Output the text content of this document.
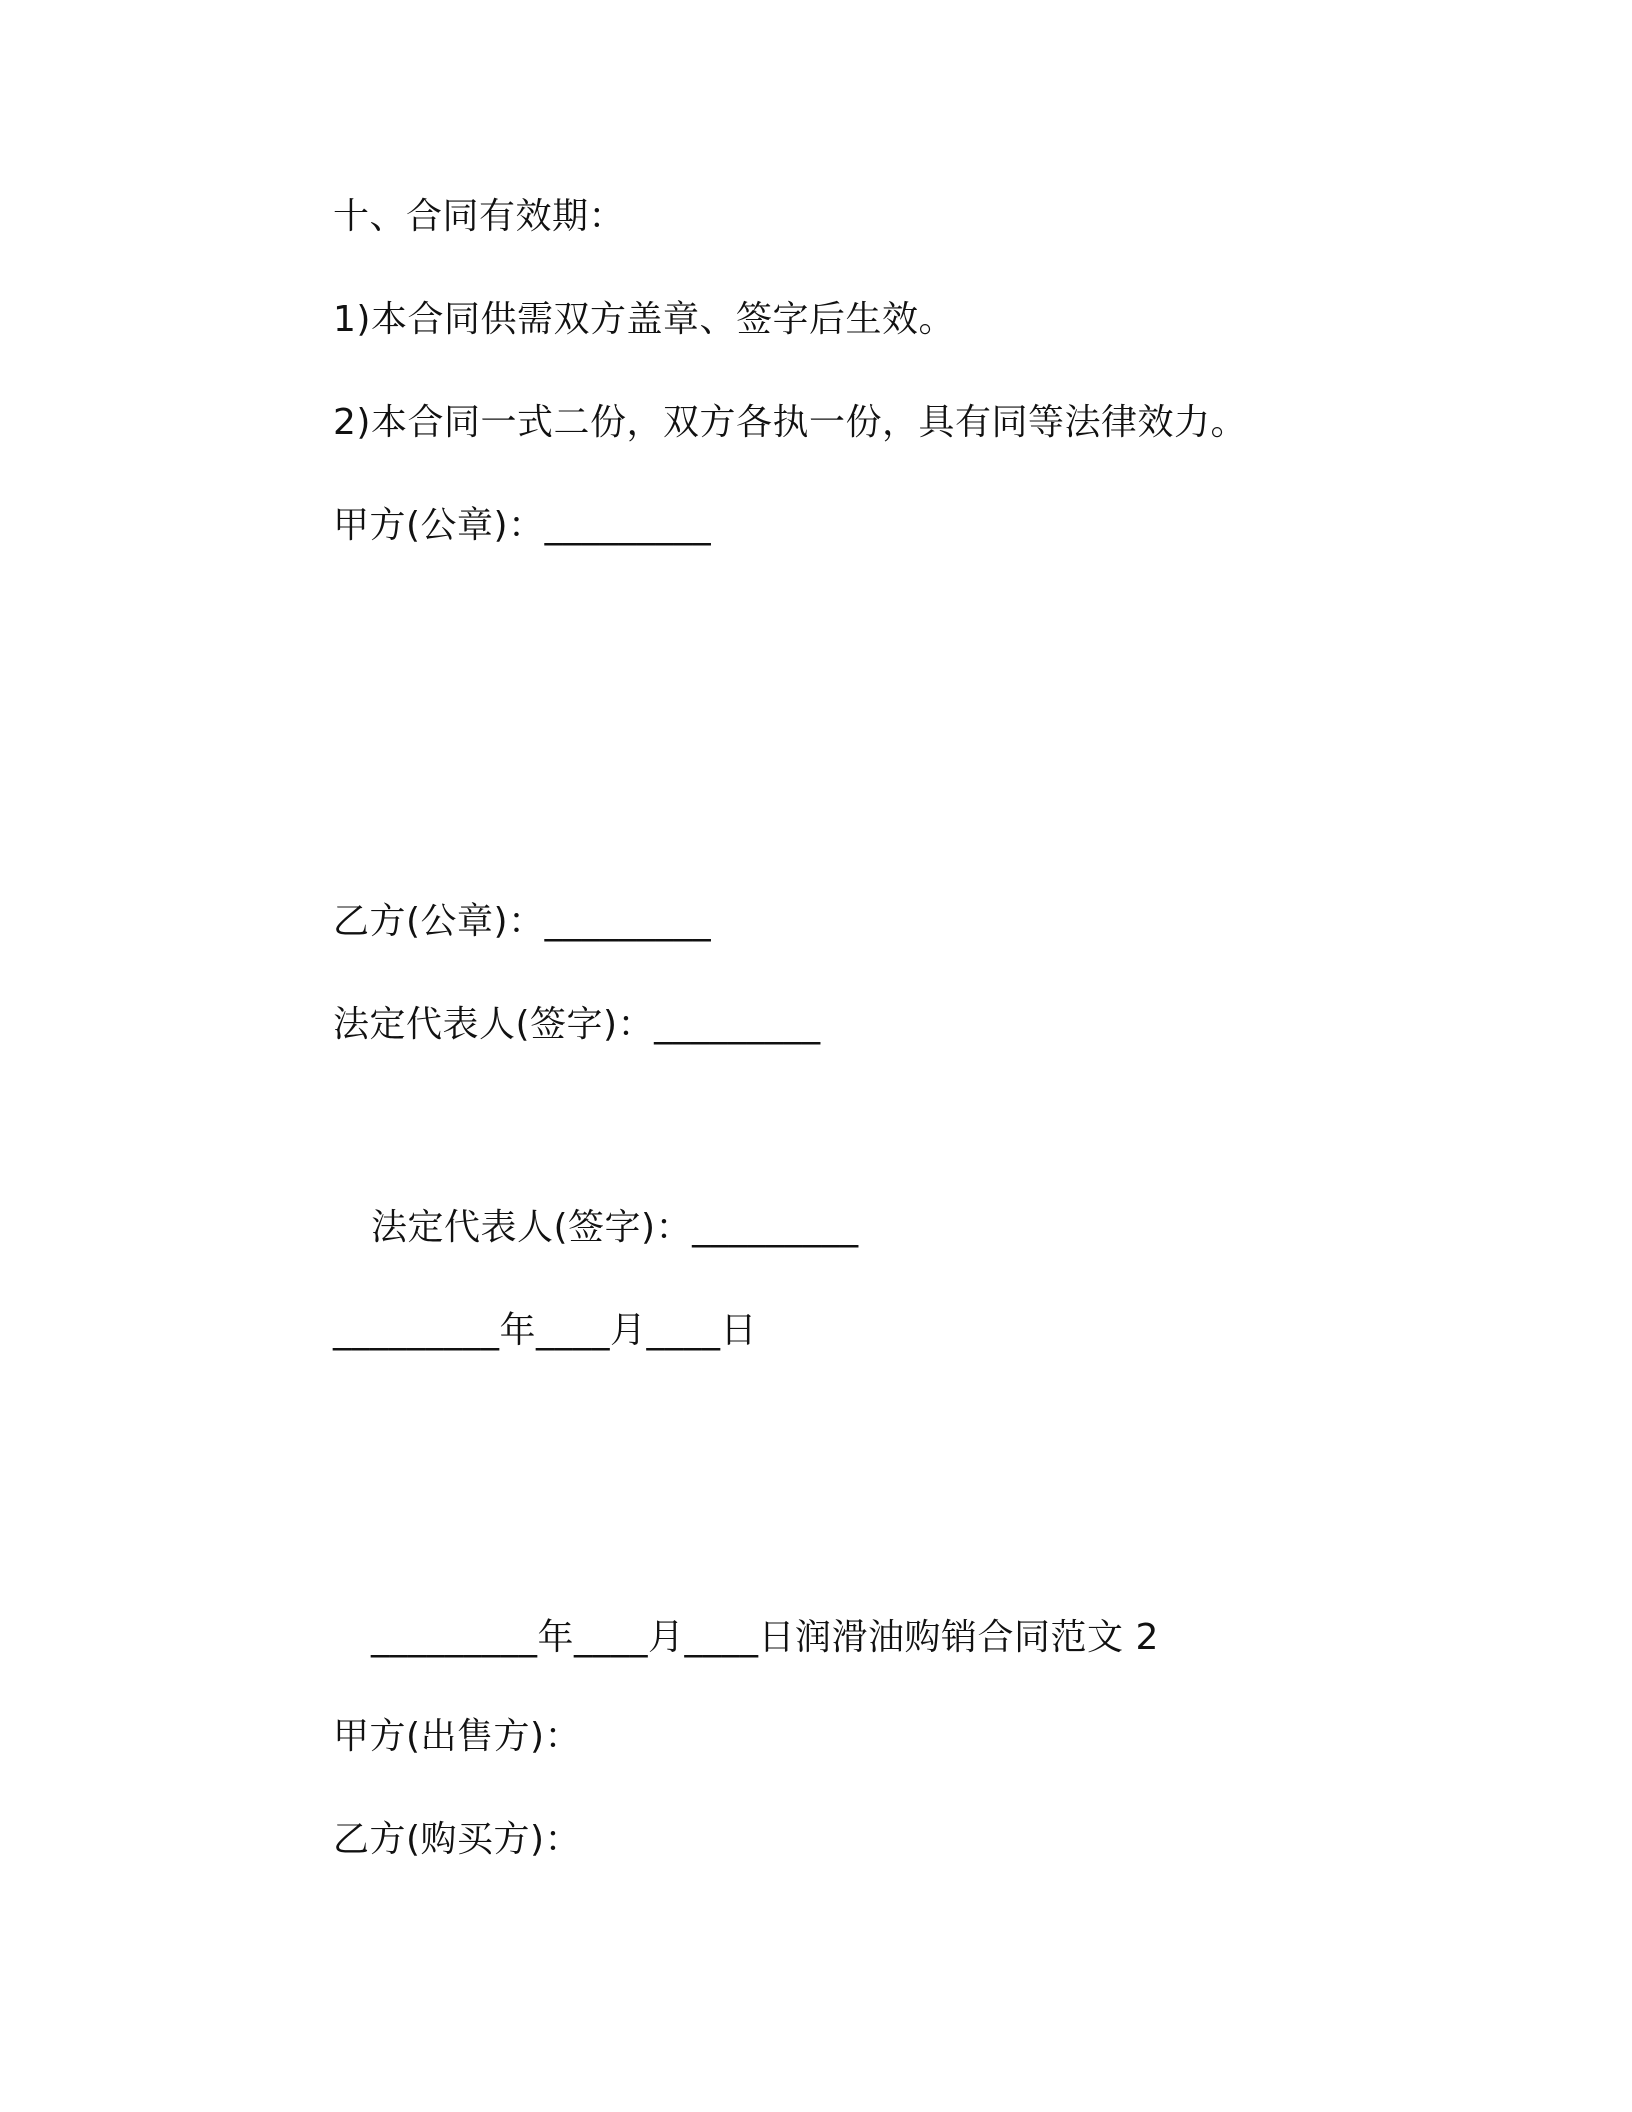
十、合同有效期：
1)本合同供需双方盖章、签字后生效。
2)本合同一式二份，双方各执一份，具有同等法律效力。
甲方(公章)：_________
乙方(公章)：_________
法定代表人(签字)：_________
法定代表人(签字)：_________
_________年____月____日
_________年____月____日润滑油购销合同范文 2
甲方(出售方)：
乙方(购买方)：
